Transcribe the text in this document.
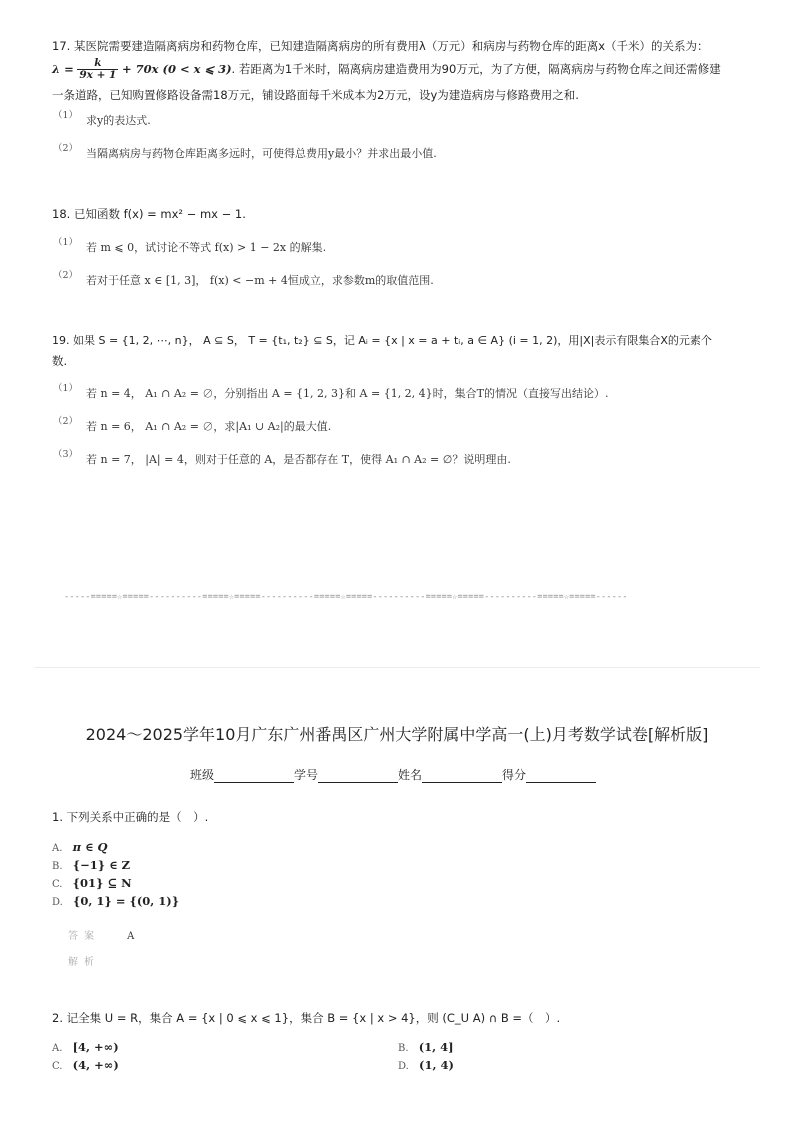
17. 某医院需要建造隔离病房和药物仓库，已知建造隔离病房的所有费用λ（万元）和病房与药物仓库的距离x（千米）的关系为：
$\lambda = \frac{k}{9x + 1} + 70x$ (0 < x ⩽ 3). 若距离为1千米时，隔离病房建造费用为90万元，为了方便，隔离病房与药物仓库之间还需修建
一条道路，已知购置修路设备需18万元，铺设路面每千米成本为2万元，设y为建造病房与修路费用之和.
（1） 求y的表达式.
（2） 当隔离病房与药物仓库距离多远时，可使得总费用y最小？并求出最小值.
18. 已知函数 f(x) = mx² − mx − 1.
（1） 若 m ⩽ 0，试讨论不等式 f(x) > 1 − 2x 的解集.
（2） 若对于任意 x ∈ [1, 3]， f(x) < −m + 4恒成立，求参数m的取值范围.
19. 如果 S = {1, 2, ⋯, n}， A ⊆ S， T = {t₁, t₂} ⊆ S，记 Aᵢ = {x | x = a + tᵢ, a ∈ A} (i = 1, 2)，用|X|表示有限集合X的元素个
数.
（1） 若 n = 4， A₁ ∩ A₂ = ∅，分别指出 A = {1, 2, 3}和 A = {1, 2, 4}时，集合T的情况（直接写出结论）.
（2） 若 n = 6， A₁ ∩ A₂ = ∅，求|A₁ ∪ A₂|的最大值.
（3） 若 n = 7， |A| = 4，则对于任意的 A，是否都存在 T，使得 A₁ ∩ A₂ = ∅？说明理由.
-----=====☆=====----------=====☆=====----------=====☆=====----------=====☆=====----------=====☆=====------
2024～2025学年10月广东广州番禺区广州大学附属中学高一(上)月考数学试卷[解析版]
班级	学号	姓名	得分
1. 下列关系中正确的是（　）.
A. π ∈ Q
B. {−1} ∈ Z
C. {01} ⊆ N
D. {0, 1} = {(0, 1)}
答案	A
解析
2. 记全集 U = R，集合 A = {x | 0 ⩽ x ⩽ 1}，集合 B = {x | x > 4}，则 (C_U A) ∩ B =（　）.
A. [4, +∞)	B. (1, 4]
C. (4, +∞)	D. (1, 4)
